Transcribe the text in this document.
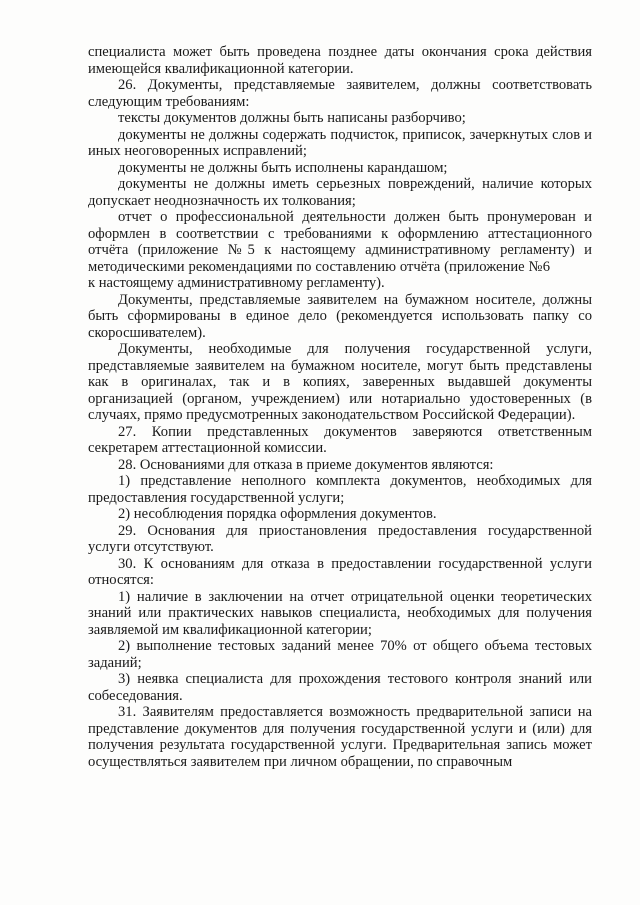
специалиста может быть проведена позднее даты окончания срока действия имеющейся квалификационной категории.

26. Документы, представляемые заявителем, должны соответствовать следующим требованиям:

тексты документов должны быть написаны разборчиво;

документы не должны содержать подчисток, приписок, зачеркнутых слов и иных неоговоренных исправлений;

документы не должны быть исполнены карандашом;

документы не должны иметь серьезных повреждений, наличие которых допускает неоднозначность их толкования;

отчет о профессиональной деятельности должен быть пронумерован и оформлен в соответствии с требованиями к оформлению аттестационного отчёта (приложение №5 к настоящему административному регламенту) и методическими рекомендациями по составлению отчёта (приложение №6к настоящему административному регламенту).

Документы, представляемые заявителем на бумажном носителе, должны быть сформированы в единое дело (рекомендуется использовать папку со скоросшивателем).

Документы, необходимые для получения государственной услуги, представляемые заявителем на бумажном носителе, могут быть представлены как в оригиналах, так и в копиях, заверенных выдавшей документы организацией (органом, учреждением) или нотариально удостоверенных (в случаях, прямо предусмотренных законодательством Российской Федерации).

27. Копии представленных документов заверяются ответственным секретарем аттестационной комиссии.

28. Основаниями для отказа в приеме документов являются:

1) представление неполного комплекта документов, необходимых для предоставления государственной услуги;

2) несоблюдения порядка оформления документов.

29. Основания для приостановления предоставления государственной услуги отсутствуют.

30. К основаниям для отказа в предоставлении государственной услуги относятся:

1) наличие в заключении на отчет отрицательной оценки теоретических знаний или практических навыков специалиста, необходимых для получения заявляемой им квалификационной категории;

2) выполнение тестовых заданий менее 70% от общего объема тестовых заданий;

3) неявка специалиста для прохождения тестового контроля знаний или собеседования.

31. Заявителям предоставляется возможность предварительной записи на представление документов для получения государственной услуги и (или) для получения результата государственной услуги. Предварительная запись может осуществляться заявителем при личном обращении, по справочным
